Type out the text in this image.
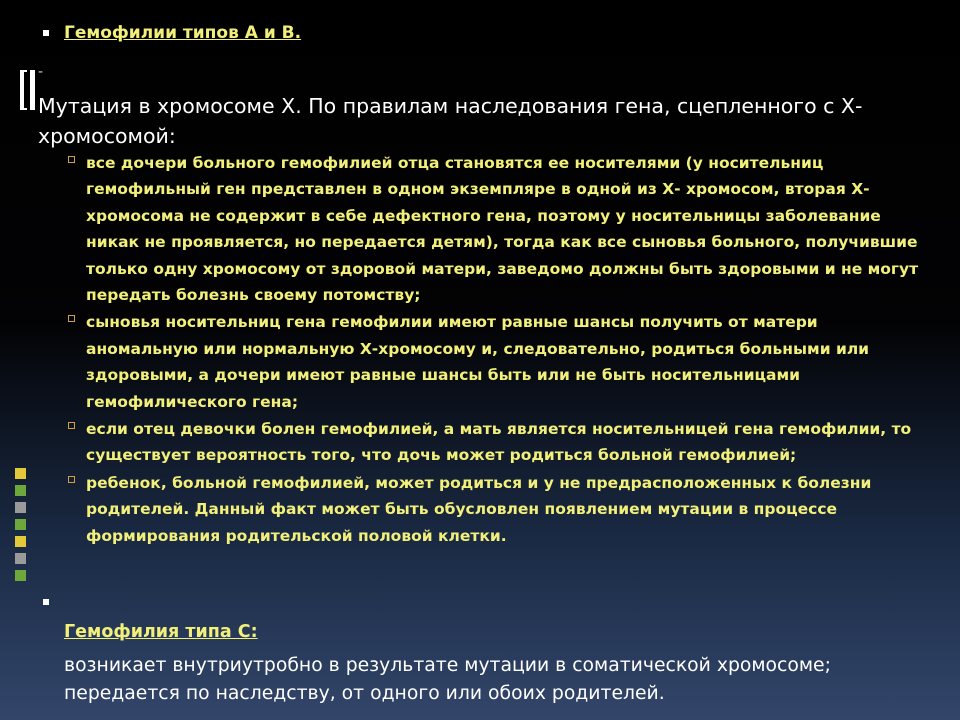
Гемофилии типов А и В.
-
Мутация в хромосоме Х. По правилам наследования гена, сцепленного с Х-хромосомой:
все дочери больного гемофилией отца становятся ее носителями (у носительниц гемофильный ген представлен в одном экземпляре в одной из Х- хромосом, вторая Х-хромосома не содержит в себе дефектного гена, поэтому у носительницы заболевание никак не проявляется, но передается детям), тогда как все сыновья больного, получившие только одну хромосому от здоровой матери, заведомо должны быть здоровыми и не могут передать болезнь своему потомству;
сыновья носительниц гена гемофилии имеют равные шансы получить от матери аномальную или нормальную Х-хромосому и, следовательно, родиться больными или здоровыми, а дочери имеют равные шансы быть или не быть носительницами гемофилического гена;
если отец девочки болен гемофилией, а мать является носительницей гена гемофилии, то существует вероятность того, что дочь может родиться больной гемофилией;
ребенок, больной гемофилией, может родиться и у не предрасположенных к болезни родителей. Данный факт может быть обусловлен появлением мутации в процессе формирования родительской половой клетки.
Гемофилия типа С:
возникает внутриутробно в результате мутации в соматической хромосоме; передается по наследству, от одного или обоих родителей.
